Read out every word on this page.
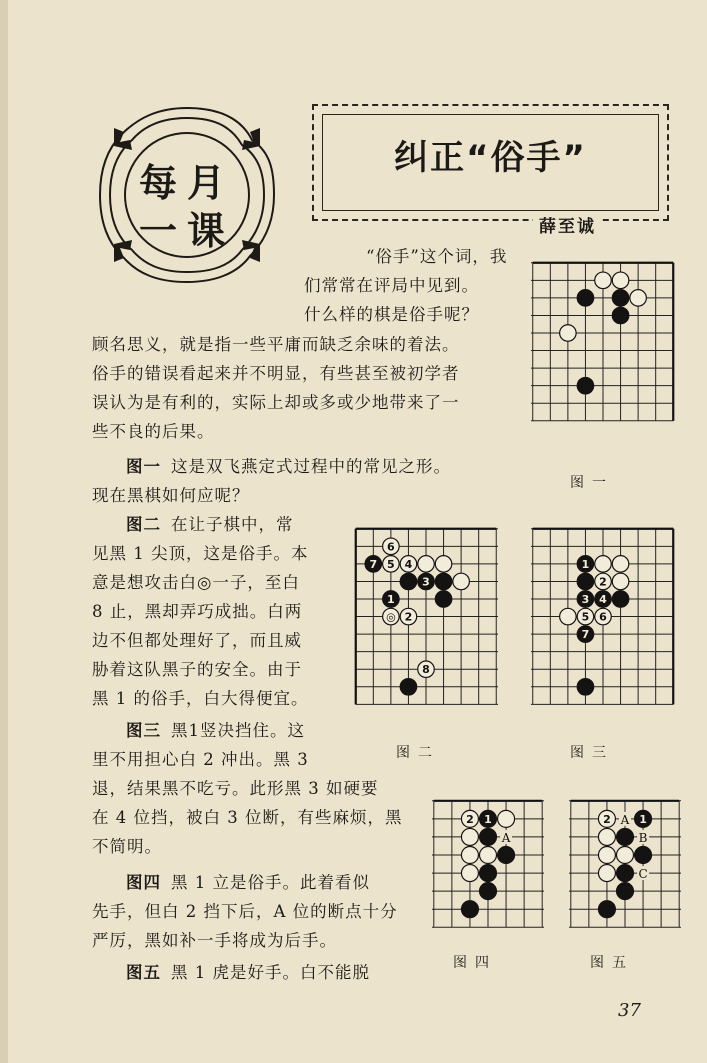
每月
一课
纠正“俗手”
薛至诚
“俗手”这个词，我
们常常在评局中见到。
什么样的棋是俗手呢？
顾名思义，就是指一些平庸而缺乏余味的着法。
俗手的错误看起来并不明显，有些甚至被初学者
误认为是有利的，实际上却或多或少地带来了一
些不良的后果。
图一 这是双飞燕定式过程中的常见之形。
现在黑棋如何应呢？
图二 在让子棋中，常
见黑 1 尖顶，这是俗手。本
意是想攻击白◎一子，至白
8 止，黑却弄巧成拙。白两
边不但都处理好了，而且威
胁着这队黑子的安全。由于
黑 1 的俗手，白大得便宜。
图三 黑1竖决挡住。这
里不用担心白 2 冲出。黑 3
退，结果黑不吃亏。此形黑 3 如硬要
在 4 位挡，被白 3 位断，有些麻烦，黑
不简明。
图四 黑 1 立是俗手。此着看似
先手，但白 2 挡下后，A 位的断点十分
严厉，黑如补一手将成为后手。
图五 黑 1 虎是好手。白不能脱
6
7 5 4
3
1
◎ 2
8
1
2
3 4
5 6
7
A
2 1	A
B
C
2	1
图一
图二	图三
图四	图五
37
